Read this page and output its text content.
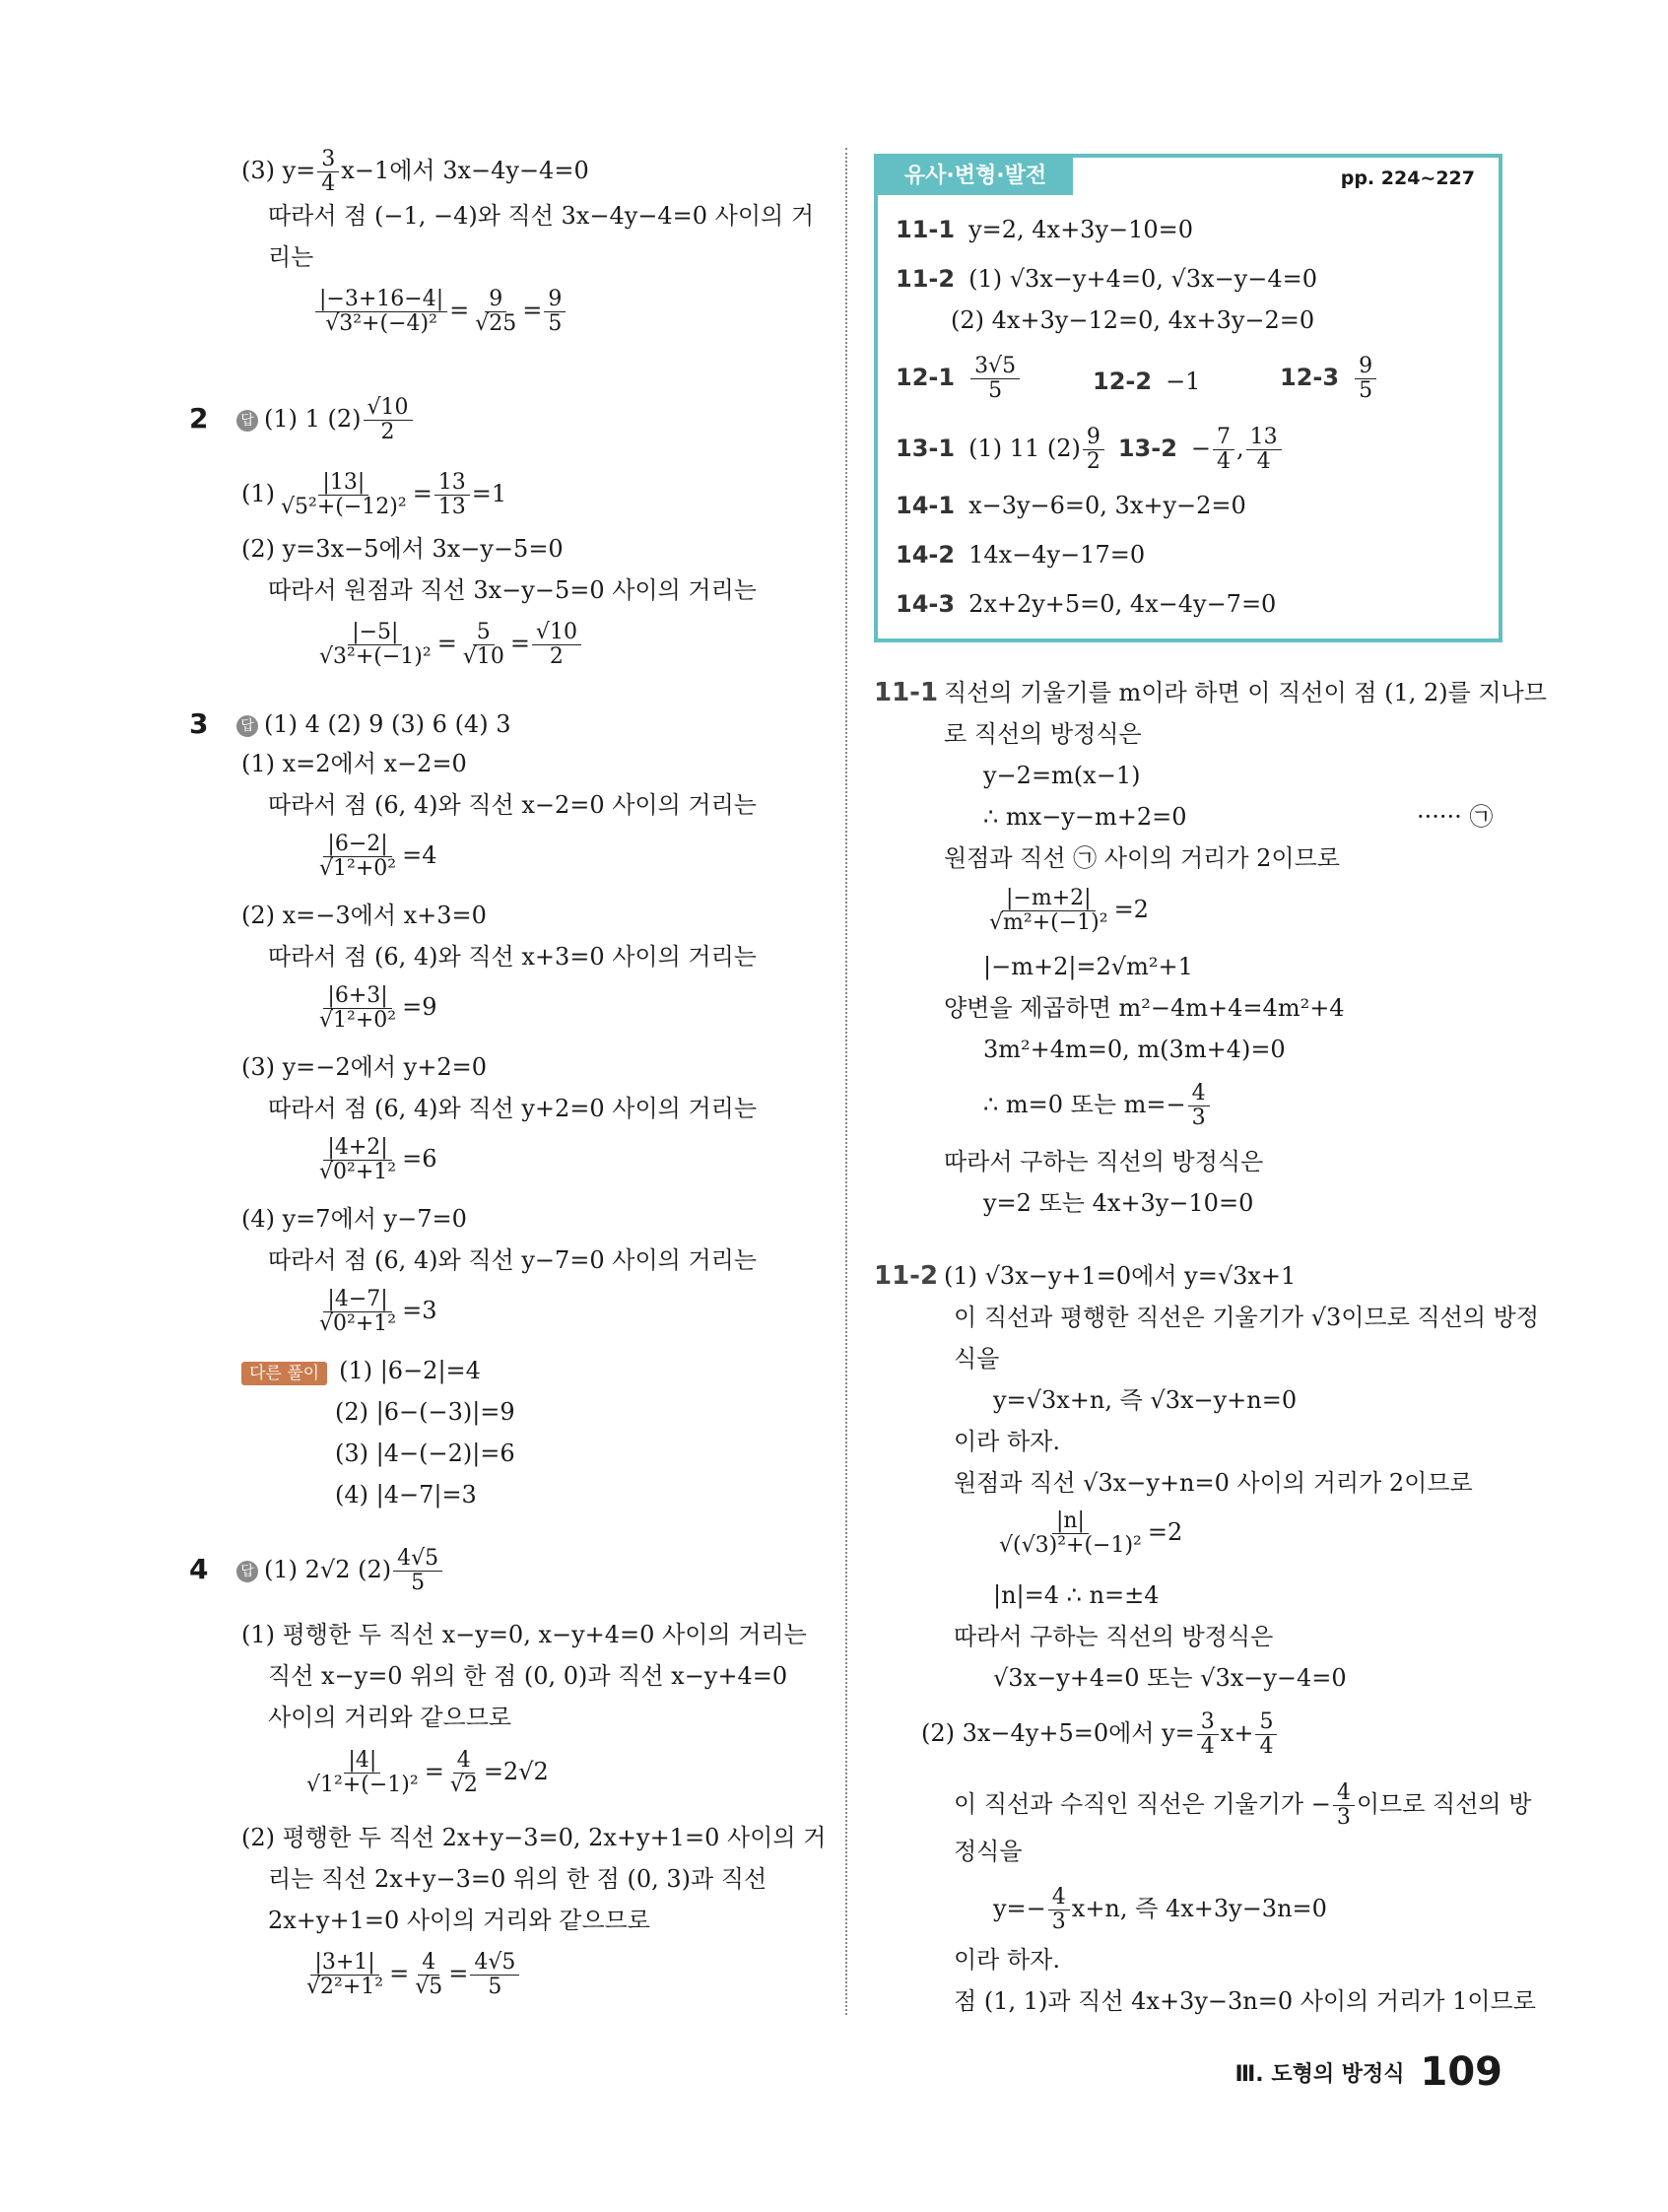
(3) $y= \frac{3}{4} x-1$에서 3x−4y−4=0
따라서 점 (−1, −4)와 직선 3x−4y−4=0 사이의 거
리는
$\frac{|-3+16-4|}{\text{√3²+(−4)²}} = \frac{9}{√25} = \frac{9}{5}$
2	답 (1) 1 $(2) \frac{√10}{2}$
$(1) \frac{|13|}{\text{√5²+(−12)²}} = \frac{13}{13} =1$
(2) y=3x−5에서 3x−y−5=0
따라서 원점과 직선 3x−y−5=0 사이의 거리는
$\frac{|-5|}{\text{√3²+(−1)²}} = \frac{5}{√10} = \frac{√10}{2}$
3	답 (1) 4 (2) 9 (3) 6 (4) 3
(1) x=2에서 x−2=0
따라서 점 (6, 4)와 직선 x−2=0 사이의 거리는
$\frac{|6-2|}{\text{√1²+0²}} =4$
(2) x=−3에서 x+3=0
따라서 점 (6, 4)와 직선 x+3=0 사이의 거리는
$\frac{|6+3|}{\text{√1²+0²}} =9$
(3) y=−2에서 y+2=0
따라서 점 (6, 4)와 직선 y+2=0 사이의 거리는
$\frac{|4+2|}{\text{√0²+1²}} =6$
(4) y=7에서 y−7=0
따라서 점 (6, 4)와 직선 y−7=0 사이의 거리는
$\frac{|4-7|}{\text{√0²+1²}} =3$
다른 풀이 (1) |6−2|=4
(2) |6−(−3)|=9
(3) |4−(−2)|=6
(4) |4−7|=3
4	답 (1) 2√2 $(2) \frac{4√5}{5}$
(1) 평행한 두 직선 x−y=0, x−y+4=0 사이의 거리는
직선 x−y=0 위의 한 점 (0, 0)과 직선 x−y+4=0
사이의 거리와 같으므로
$\frac{|4|}{\text{√1²+(−1)²}} = \frac{4}{√2} =2√2$
(2) 평행한 두 직선 2x+y−3=0, 2x+y+1=0 사이의 거
리는 직선 2x+y−3=0 위의 한 점 (0, 3)과 직선
2x+y+1=0 사이의 거리와 같으므로
$\frac{|3+1|}{\text{√2²+1²}} = \frac{4}{√5} = \frac{4√5}{5}$
유사·변형·발전	pp. 224~227
11-1 y=2, 4x+3y−10=0
11-2 (1) √3x−y+4=0, √3x−y−4=0
(2) 4x+3y−12=0, 4x+3y−2=0
$12-1 \frac{3√5}{5}$	12-2 −1	$12-3 \frac{9}{5}$
13-1 (1) 11 $(2) \frac{9}{2} 13-2 - \frac{7}{4}$ , $\frac{13}{4}$
14-1 x−3y−6=0, 3x+y−2=0
14-2 14x−4y−17=0
14-3 2x+2y+5=0, 4x−4y−7=0
11-1 직선의 기울기를 m이라 하면 이 직선이 점 (1, 2)를 지나므
로 직선의 방정식은
y−2=m(x−1)
∴ mx−y−m+2=0	······ ㉠
원점과 직선 ㉠ 사이의 거리가 2이므로
$\frac{|-m+2|}{\text{√m²+(−1)²}} =2$
|−m+2|=2√m²+1
양변을 제곱하면 m²−4m+4=4m²+4
3m²+4m=0, m(3m+4)=0
∴ m=0 또는 $m=- \frac{4}{3}$
따라서 구하는 직선의 방정식은
y=2 또는 4x+3y−10=0
11-2 (1) √3x−y+1=0에서 y=√3x+1
이 직선과 평행한 직선은 기울기가 √3이므로 직선의 방정
식을
y=√3x+n, 즉 √3x−y+n=0
이라 하자.
원점과 직선 √3x−y+n=0 사이의 거리가 2이므로
$\frac{|n|}{\text{√(√3)²+(−1)²}} =2$
|n|=4 ∴ n=±4
따라서 구하는 직선의 방정식은
√3x−y+4=0 또는 √3x−y−4=0
(2) 3x−4y+5=0에서 $y= \frac{3}{4} x+ \frac{5}{4}$
이 직선과 수직인 직선은 기울기가 − $\frac{4}{3}$ 이므로 직선의 방
정식을
$y=- \frac{4}{3} x+n$, 즉 4x+3y−3n=0
이라 하자.
점 (1, 1)과 직선 4x+3y−3n=0 사이의 거리가 1이므로
Ⅲ. 도형의 방정식 109
